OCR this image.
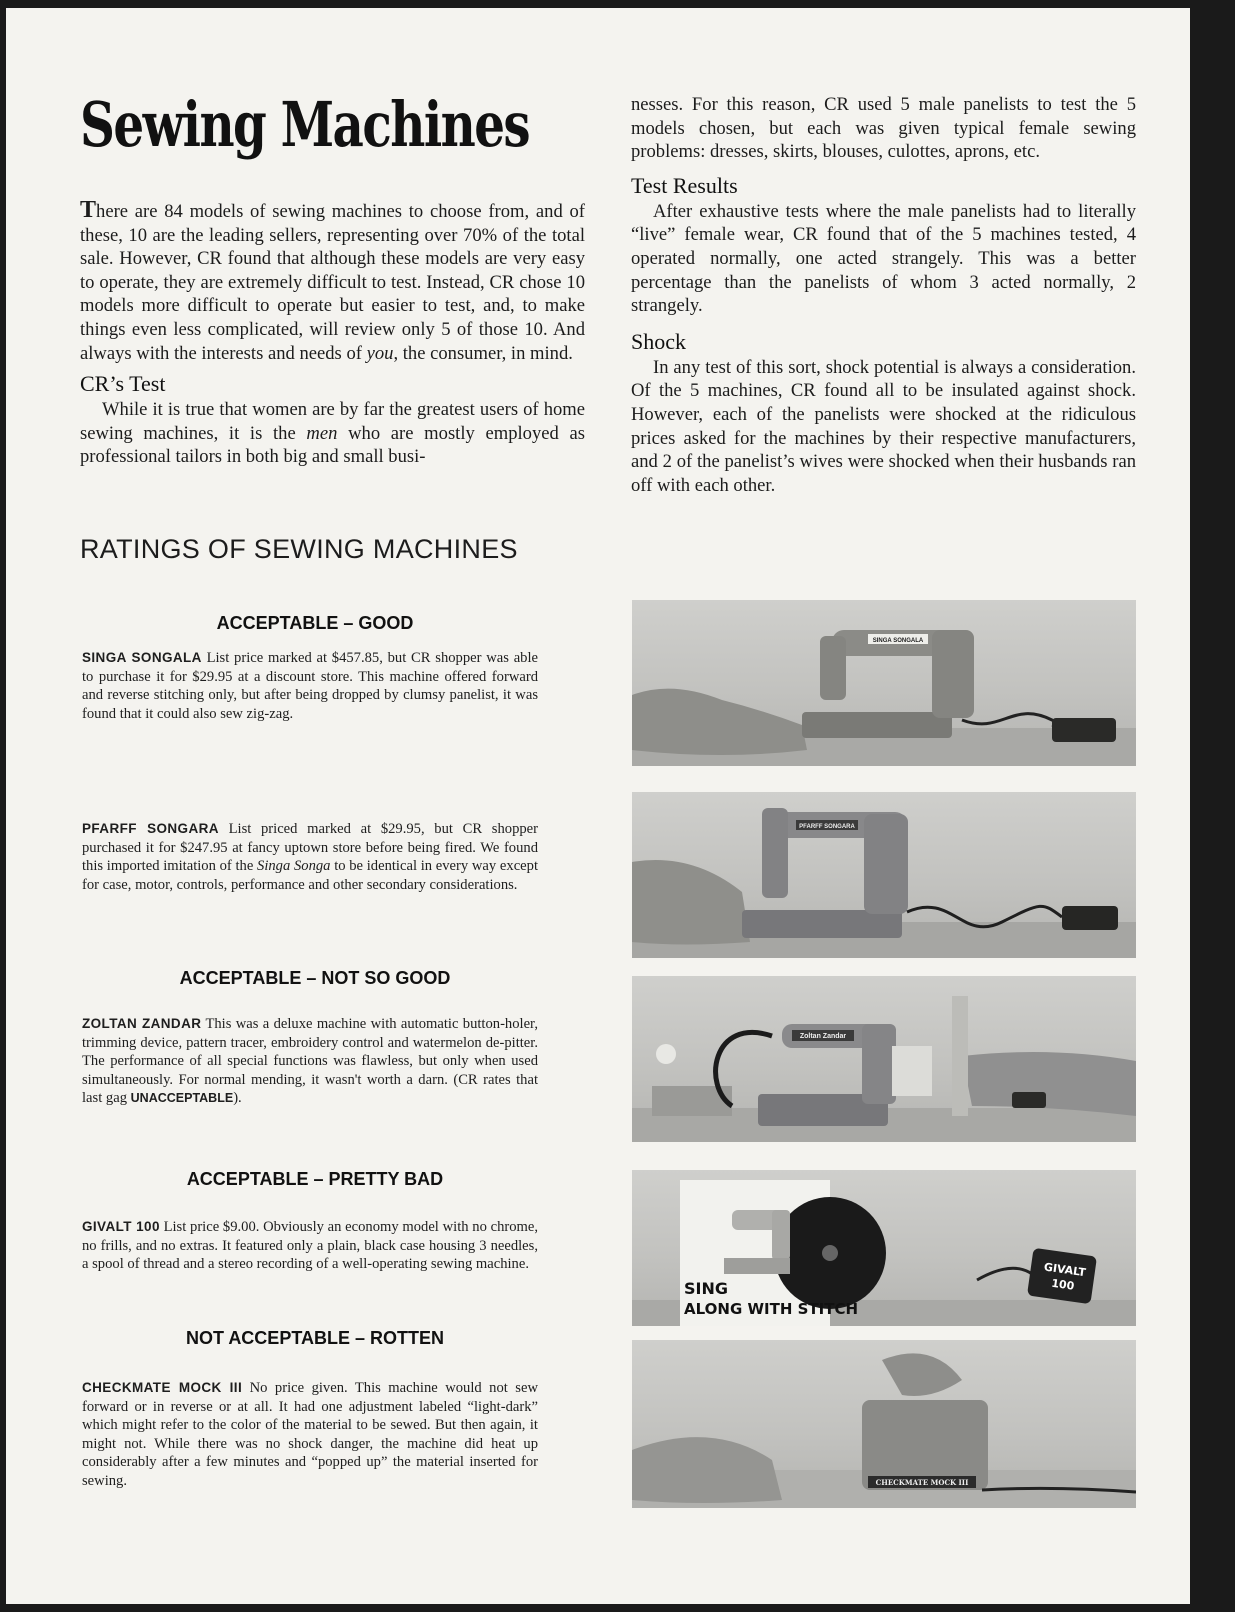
Sewing Machines

There are 84 models of sewing machines to choose from, and of these, 10 are the leading sellers, representing over 70% of the total sale. However, CR found that although these models are very easy to operate, they are extremely difficult to test. Instead, CR chose 10 models more difficult to operate but easier to test, and, to make things even less complicated, will review only 5 of those 10. And always with the interests and needs of you, the consumer, in mind.

CR’s Test

While it is true that women are by far the greatest users of home sewing machines, it is the men who are mostly employed as professional tailors in both big and small busi-

nesses. For this reason, CR used 5 male panelists to test the 5 models chosen, but each was given typical female sewing problems: dresses, skirts, blouses, culottes, aprons, etc.

Test Results

After exhaustive tests where the male panelists had to literally “live” female wear, CR found that of the 5 machines tested, 4 operated normally, one acted strangely. This was a better percentage than the panelists of whom 3 acted normally, 2 strangely.

Shock

In any test of this sort, shock potential is always a consideration. Of the 5 machines, CR found all to be insulated against shock. However, each of the panelists were shocked at the ridiculous prices asked for the machines by their respective manufacturers, and 2 of the panelist’s wives were shocked when their husbands ran off with each other.

RATINGS OF SEWING MACHINES
ACCEPTABLE – GOOD
SINGA SONGALA List price marked at $457.85, but CR shopper was able to purchase it for $29.95 at a discount store. This machine offered forward and reverse stitching only, but after being dropped by clumsy panelist, it was found that it could also sew zig-zag.
PFARFF SONGARA List priced marked at $29.95, but CR shopper purchased it for $247.95 at fancy uptown store before being fired. We found this imported imitation of the Singa Songa to be identical in every way except for case, motor, controls, performance and other secondary considerations.
ACCEPTABLE – NOT SO GOOD
ZOLTAN ZANDAR This was a deluxe machine with automatic button-holer, trimming device, pattern tracer, embroidery control and watermelon de-pitter. The performance of all special functions was flawless, but only when used simultaneously. For normal mending, it wasn't worth a darn. (CR rates that last gag UNACCEPTABLE).
ACCEPTABLE – PRETTY BAD
GIVALT 100 List price $9.00. Obviously an economy model with no chrome, no frills, and no extras. It featured only a plain, black case housing 3 needles, a spool of thread and a stereo recording of a well-operating sewing machine.
NOT ACCEPTABLE – ROTTEN
CHECKMATE MOCK III No price given. This machine would not sew forward or in reverse or at all. It had one adjustment labeled “light-dark” which might refer to the color of the material to be sewed. But then again, it might not. While there was no shock danger, the machine did heat up considerably after a few minutes and “popped up” the material inserted for sewing.
SINGA SONGALA
PFARFF SONGARA
Zoltan Zandar
SING
ALONG WITH STITCH
GIVALT
100
CHECKMATE MOCK III
